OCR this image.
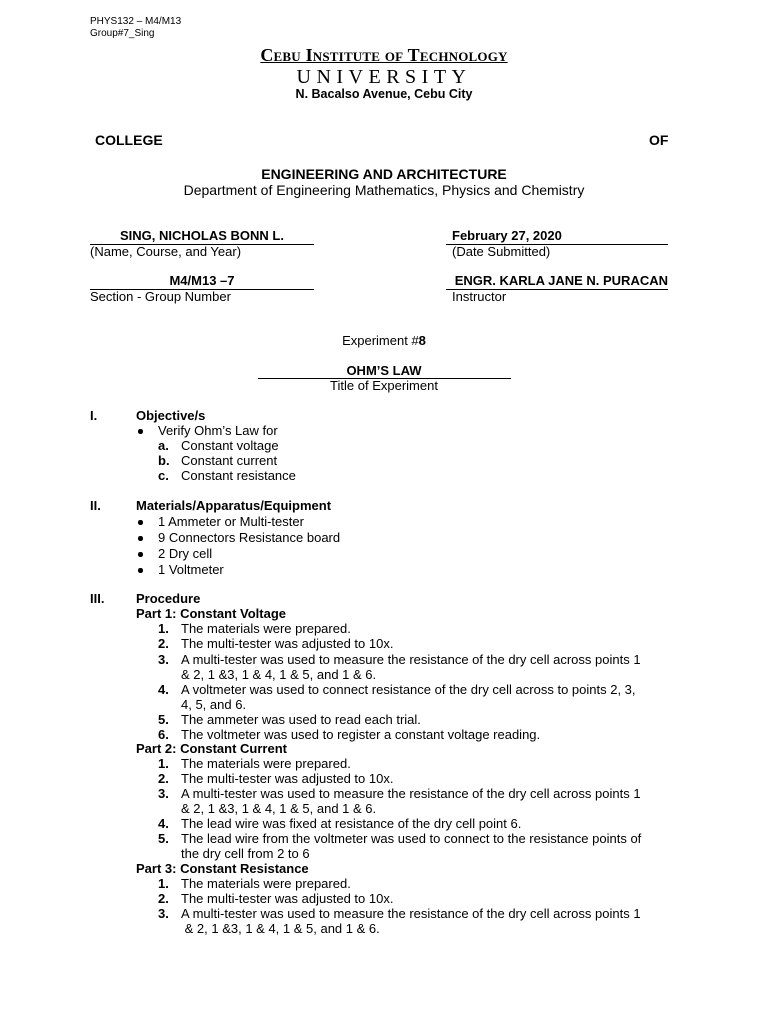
PHYS132 – M4/M13
Group#7_Sing
Cebu Institute of Technology
UNIVERSITY
N. Bacalso Avenue, Cebu City
COLLEGE	OF
ENGINEERING AND ARCHITECTURE
Department of Engineering Mathematics, Physics and Chemistry
SING, NICHOLAS BONN L.
(Name, Course, and Year)
February 27, 2020
(Date Submitted)
M4/M13 –7
Section - Group Number
ENGR. KARLA JANE N. PURACAN
Instructor
Experiment #8
OHM’S LAW
Title of Experiment
I.	Objective/s
Verify Ohm’s Law for
a. Constant voltage
b. Constant current
c. Constant resistance
II.	Materials/Apparatus/Equipment
1 Ammeter or Multi-tester
9 Connectors Resistance board
2 Dry cell
1 Voltmeter
III. Procedure
Part 1: Constant Voltage
1. The materials were prepared.
2. The multi-tester was adjusted to 10x.
3. A multi-tester was used to measure the resistance of the dry cell across points 1
& 2, 1 &3, 1 & 4, 1 & 5, and 1 & 6.
4. A voltmeter was used to connect resistance of the dry cell across to points 2, 3,
4, 5, and 6.
5. The ammeter was used to read each trial.
6. The voltmeter was used to register a constant voltage reading.
Part 2: Constant Current
1. The materials were prepared.
2. The multi-tester was adjusted to 10x.
3. A multi-tester was used to measure the resistance of the dry cell across points 1
& 2, 1 &3, 1 & 4, 1 & 5, and 1 & 6.
4. The lead wire was fixed at resistance of the dry cell point 6.
5. The lead wire from the voltmeter was used to connect to the resistance points of
the dry cell from 2 to 6
Part 3: Constant Resistance
1. The materials were prepared.
2. The multi-tester was adjusted to 10x.
3. A multi-tester was used to measure the resistance of the dry cell across points 1
& 2, 1 &3, 1 & 4, 1 & 5, and 1 & 6.
